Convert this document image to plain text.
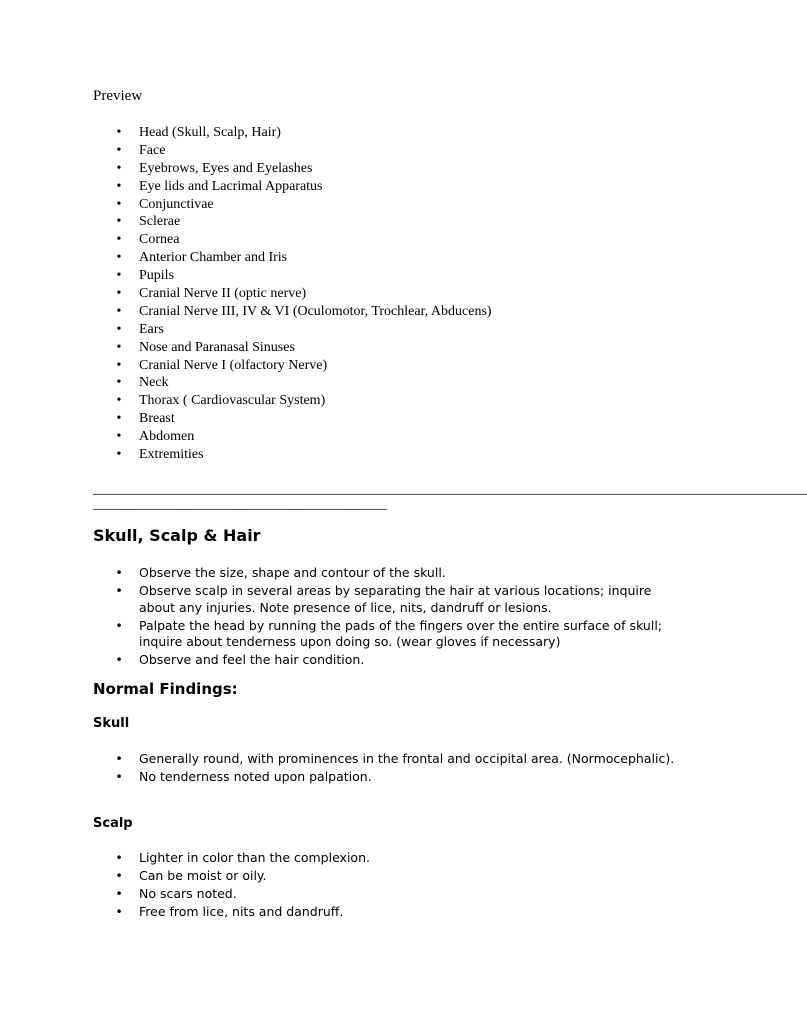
Preview
• Head (Skull, Scalp, Hair)
• Face
• Eyebrows, Eyes and Eyelashes
• Eye lids and Lacrimal Apparatus
• Conjunctivae
• Sclerae
• Cornea
• Anterior Chamber and Iris
• Pupils
• Cranial Nerve II (optic nerve)
• Cranial Nerve III, IV & VI (Oculomotor, Trochlear, Abducens)
• Ears
• Nose and Paranasal Sinuses
• Cranial Nerve I (olfactory Nerve)
• Neck
• Thorax ( Cardiovascular System)
• Breast
• Abdomen
• Extremities
______________________________________________________________________________________________________
__________________________________________
Skull, Scalp & Hair
• Observe the size, shape and contour of the skull.
• Observe scalp in several areas by separating the hair at various locations; inquire about any injuries. Note presence of lice, nits, dandruff or lesions.
• Palpate the head by running the pads of the fingers over the entire surface of skull; inquire about tenderness upon doing so. (wear gloves if necessary)
• Observe and feel the hair condition.
Normal Findings:
Skull
• Generally round, with prominences in the frontal and occipital area. (Normocephalic).
• No tenderness noted upon palpation.
Scalp
• Lighter in color than the complexion.
• Can be moist or oily.
• No scars noted.
• Free from lice, nits and dandruff.
